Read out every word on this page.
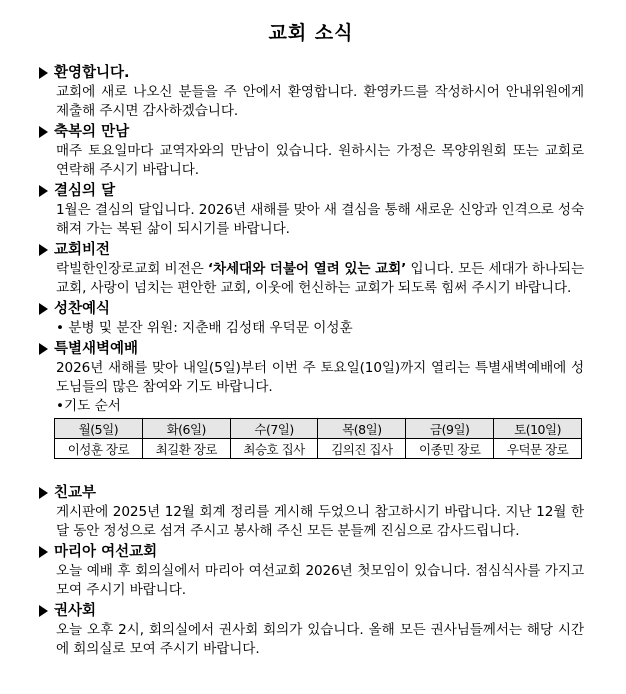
교회 소식
환영합니다.
교회에 새로 나오신 분들을 주 안에서 환영합니다. 환영카드를 작성하시어 안내위원에게 제출해 주시면 감사하겠습니다.
축복의 만남
매주 토요일마다 교역자와의 만남이 있습니다. 원하시는 가정은 목양위원회 또는 교회로 연락해 주시기 바랍니다.
결심의 달
1월은 결심의 달입니다. 2026년 새해를 맞아 새 결심을 통해 새로운 신앙과 인격으로 성숙해져 가는 복된 삶이 되시기를 바랍니다.
교회비전
락빌한인장로교회 비전은 ‘차세대와 더불어 열려 있는 교회’ 입니다. 모든 세대가 하나되는 교회, 사랑이 넘치는 편안한 교회, 이웃에 헌신하는 교회가 되도록 힘써 주시기 바랍니다.
성찬예식
• 분병 및 분잔 위원: 지춘배 김성태 우덕문 이성훈
특별새벽예배
2026년 새해를 맞아 내일(5일)부터 이번 주 토요일(10일)까지 열리는 특별새벽예배에 성도님들의 많은 참여와 기도 바랍니다.
•기도 순서
월(5일)	화(6일)	수(7일)	목(8일)	금(9일)	토(10일)
이성훈 장로	최길환 장로	최승호 집사	김의진 집사	이종민 장로	우덕문 장로
친교부
게시판에 2025년 12월 회계 정리를 게시해 두었으니 참고하시기 바랍니다. 지난 12월 한 달 동안 정성으로 섬겨 주시고 봉사해 주신 모든 분들께 진심으로 감사드립니다.
마리아 여선교회
오늘 예배 후 회의실에서 마리아 여선교회 2026년 첫모임이 있습니다. 점심식사를 가지고 모여 주시기 바랍니다.
권사회
오늘 오후 2시, 회의실에서 권사회 회의가 있습니다. 올해 모든 권사님들께서는 해당 시간에 회의실로 모여 주시기 바랍니다.
